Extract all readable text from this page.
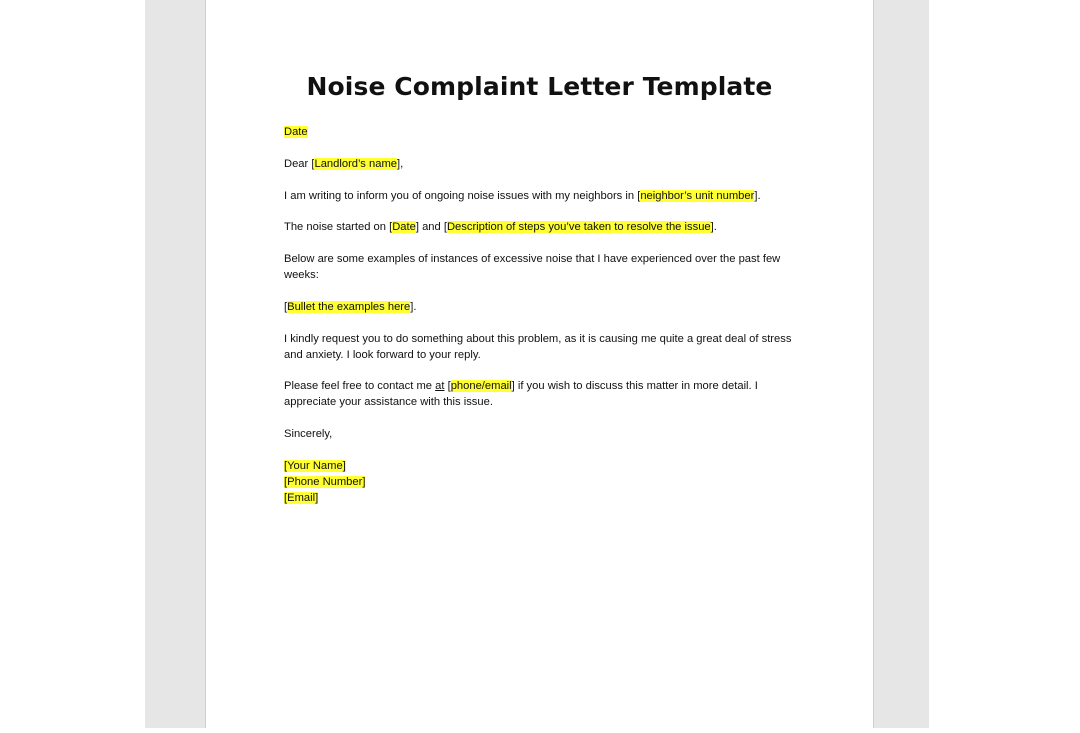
Noise Complaint Letter Template

Date

Dear [Landlord’s name],

I am writing to inform you of ongoing noise issues with my neighbors in [neighbor’s unit number].

The noise started on [Date] and [Description of steps you’ve taken to resolve the issue].

Below are some examples of instances of excessive noise that I have experienced over the past few weeks:

[Bullet the examples here].

I kindly request you to do something about this problem, as it is causing me quite a great deal of stress and anxiety. I look forward to your reply.

Please feel free to contact me at [phone/email] if you wish to discuss this matter in more detail. I appreciate your assistance with this issue.

Sincerely,

[Your Name]

[Phone Number]

[Email]
